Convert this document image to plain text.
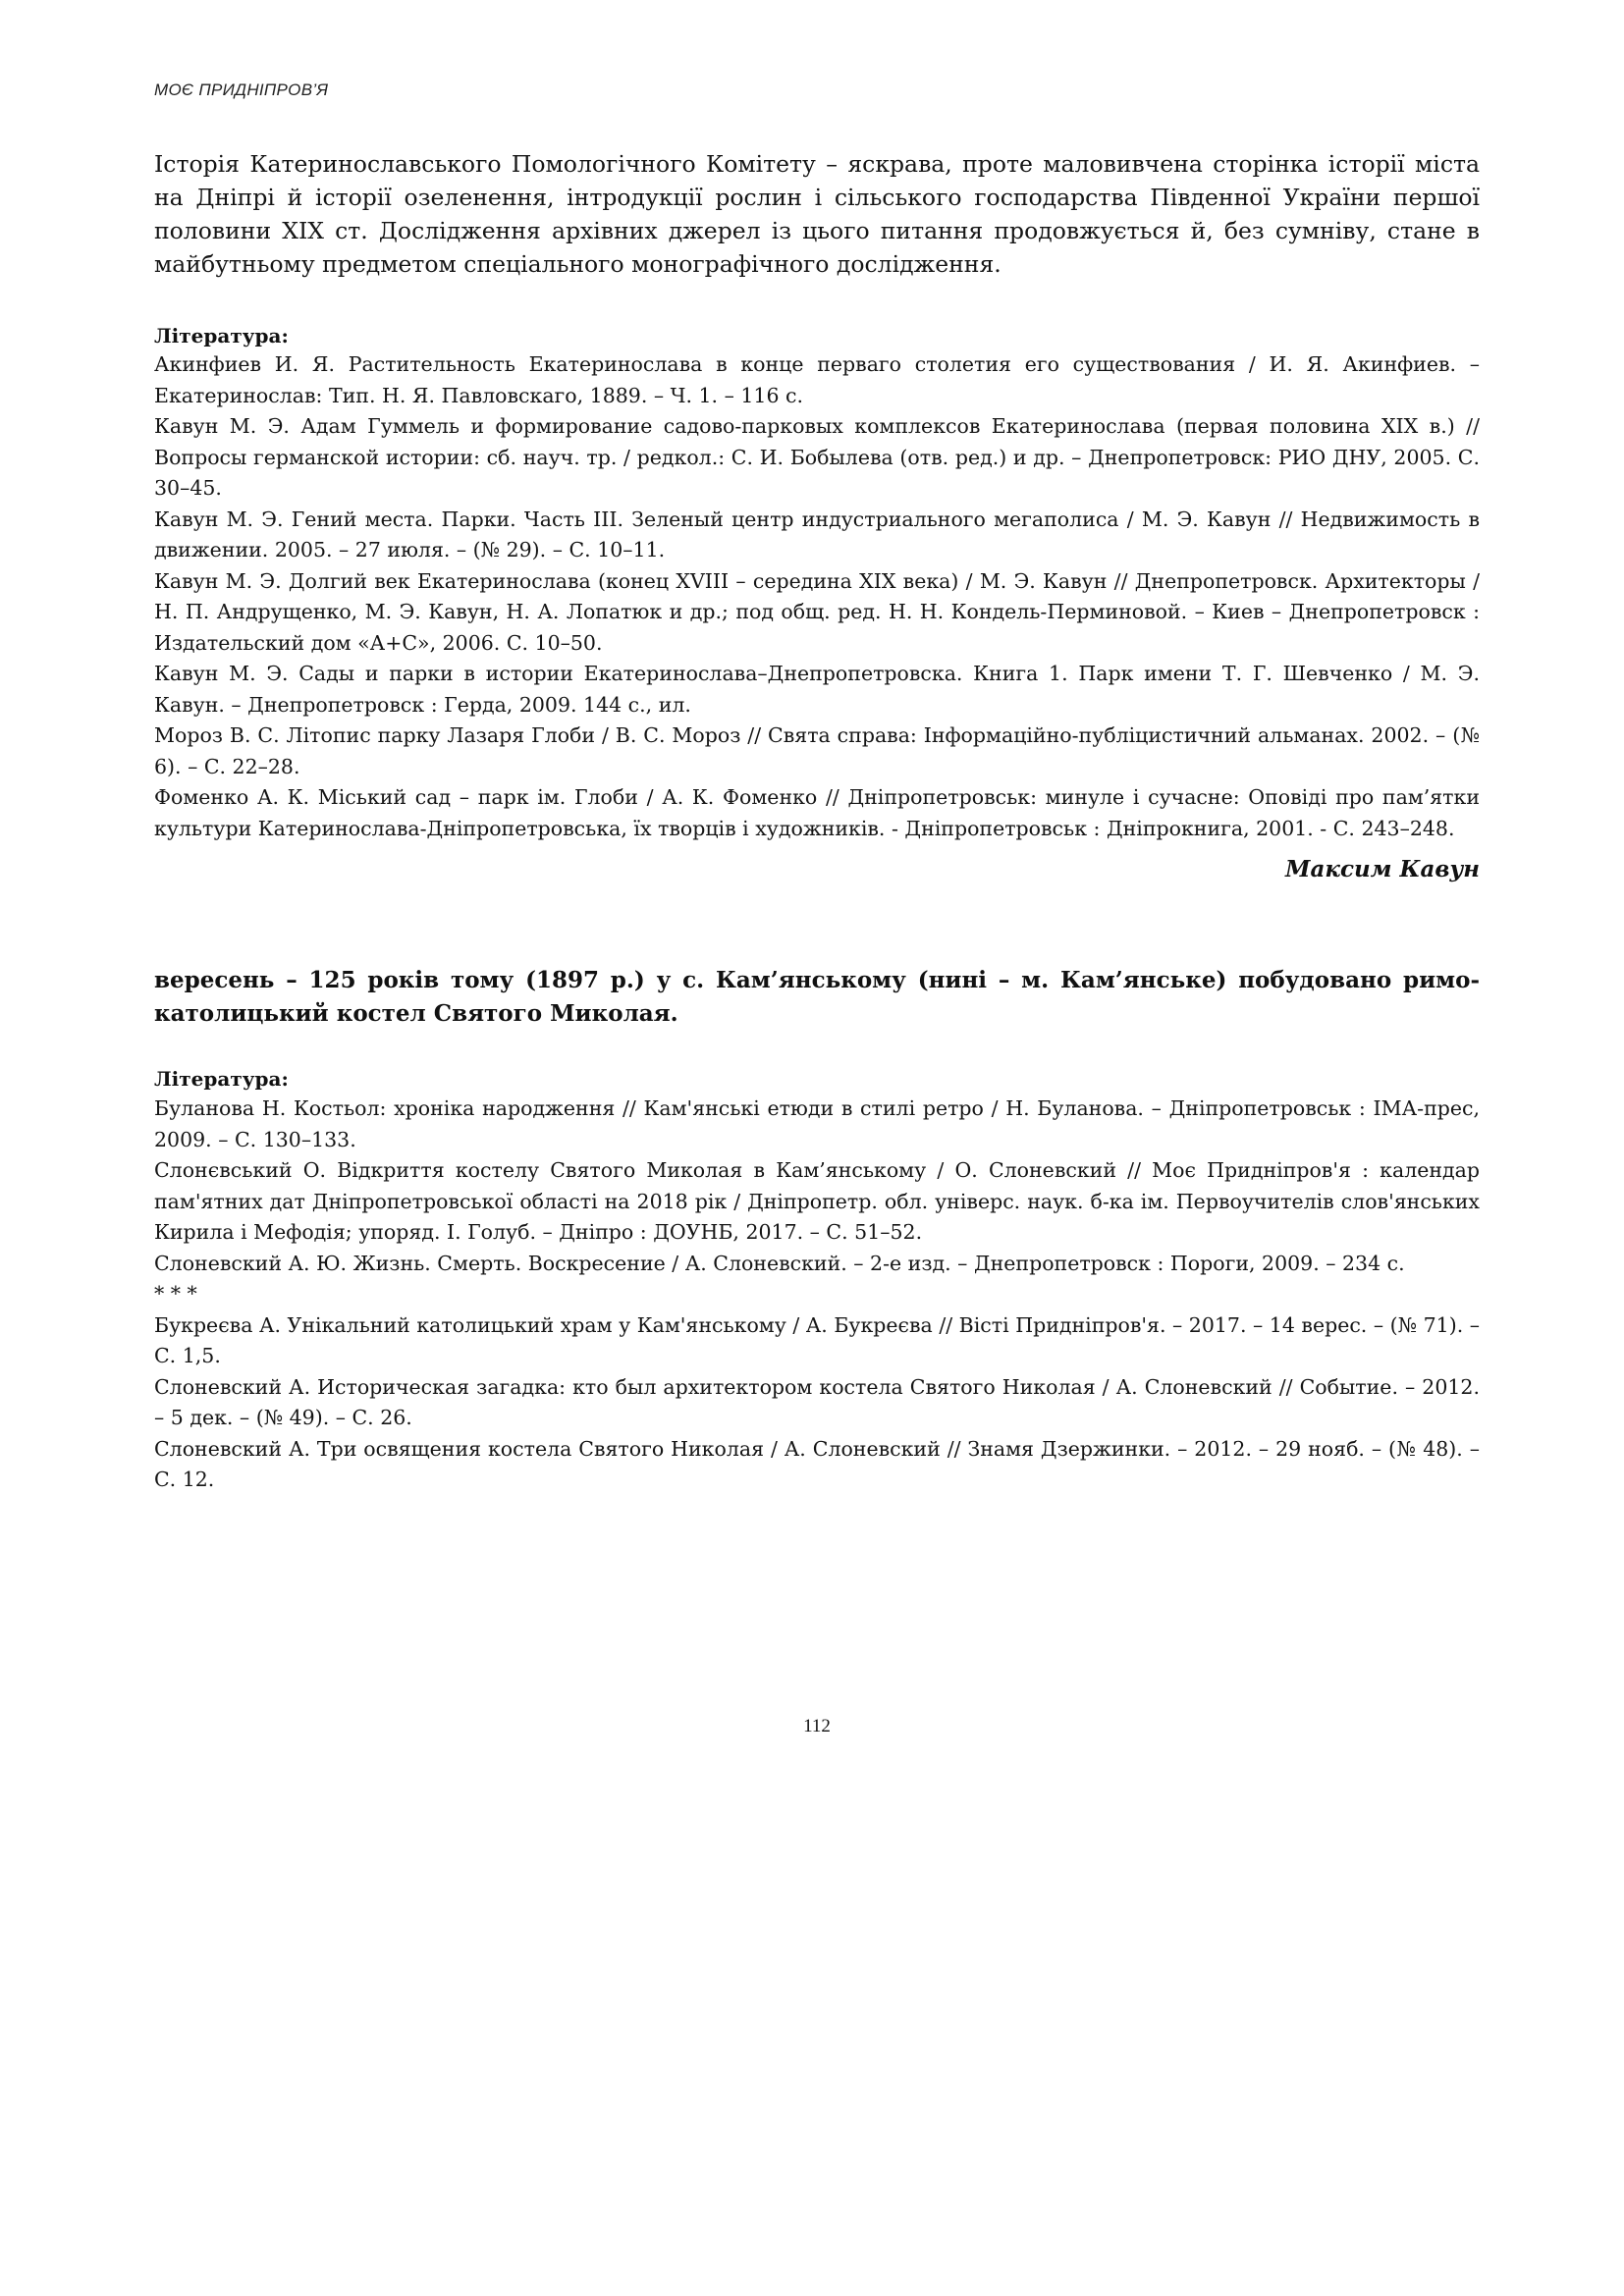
МОЄ ПРИДНІПРОВ’Я

Історія Катеринославського Помологічного Комітету – яскрава, проте маловивчена сторінка історії міста на Дніпрі й історії озеленення, інтродукції рослин і сільського господарства Південної України першої половини ХІХ ст. Дослідження архівних джерел із цього питання продовжується й, без сумніву, стане в майбутньому предметом спеціального монографічного дослідження.

Література:
Акинфиев И. Я. Растительность Екатеринослава в конце перваго столетия его существования / И. Я. Акинфиев. – Екатеринослав: Тип. Н. Я. Павловскаго, 1889. – Ч. 1. – 116 с.
Кавун М. Э. Адам Гуммель и формирование садово-парковых комплексов Екатеринослава (первая половина ХІХ в.) // Вопросы германской истории: сб. науч. тр. / редкол.: С. И. Бобылева (отв. ред.) и др. – Днепропетровск: РИО ДНУ, 2005. С. 30–45.
Кавун М. Э. Гений места. Парки. Часть ІІІ. Зеленый центр индустриального мегаполиса / М. Э. Кавун // Недвижимость в движении. 2005. – 27 июля. – (№ 29). – С. 10–11.
Кавун М. Э. Долгий век Екатеринослава (конец XVIII – середина XIX века) / М. Э. Кавун // Днепропетровск. Архитекторы / Н. П. Андрущенко, М. Э. Кавун, Н. А. Лопатюк и др.; под общ. ред. Н. Н. Кондель-Перминовой. – Киев – Днепропетровск : Издательский дом «А+С», 2006. С. 10–50.
Кавун М. Э. Сады и парки в истории Екатеринослава–Днепропетровска. Книга 1. Парк имени Т. Г. Шевченко / М. Э. Кавун. – Днепропетровск : Герда, 2009. 144 с., ил.
Мороз В. С. Літопис парку Лазаря Глоби / В. С. Мороз // Свята справа: Інформаційно-публіцистичний альманах. 2002. – (№ 6). – С. 22–28.
Фоменко А. К. Міський сад – парк ім. Глоби / А. К. Фоменко // Дніпропетровськ: минуле і сучасне: Оповіді про пам’ятки культури Катеринослава-Дніпропетровська, їх творців і художників. - Дніпропетровськ : Дніпрокнига, 2001. - С. 243–248.
Максим Кавун

вересень – 125 років тому (1897 р.) у с. Кам’янському (нині – м. Кам’янське) побудовано римо-католицький костел Святого Миколая.

Література:
Буланова Н. Костьол: хроніка народження // Кам'янські етюди в стилі ретро / Н. Буланова. – Дніпропетровськ : ІМА-прес, 2009. – С. 130–133.
Слонєвський О. Відкриття костелу Святого Миколая в Кам’янському / О. Слоневский // Моє Придніпров'я : календар пам'ятних дат Дніпропетровської області на 2018 рік / Дніпропетр. обл. універс. наук. б-ка ім. Первоучителів слов'янських Кирила і Мефодія; упоряд. І. Голуб. – Дніпро : ДОУНБ, 2017. – С. 51–52.
Слоневский А. Ю. Жизнь. Смерть. Воскресение / А. Слоневский. – 2-е изд. – Днепропетровск : Пороги, 2009. – 234 с.
* * *
Букреєва А. Унікальний католицький храм у Кам'янському / А. Букреєва // Вісті Придніпров'я. – 2017. – 14 верес. – (№ 71). – С. 1,5.
Слоневский А. Историческая загадка: кто был архитектором костела Святого Николая / А. Слоневский // Событие. – 2012. – 5 дек. – (№ 49). – С. 26.
Слоневский А. Три освящения костела Святого Николая / А. Слоневский // Знамя Дзержинки. – 2012. – 29 нояб. – (№ 48). – С. 12.
112
